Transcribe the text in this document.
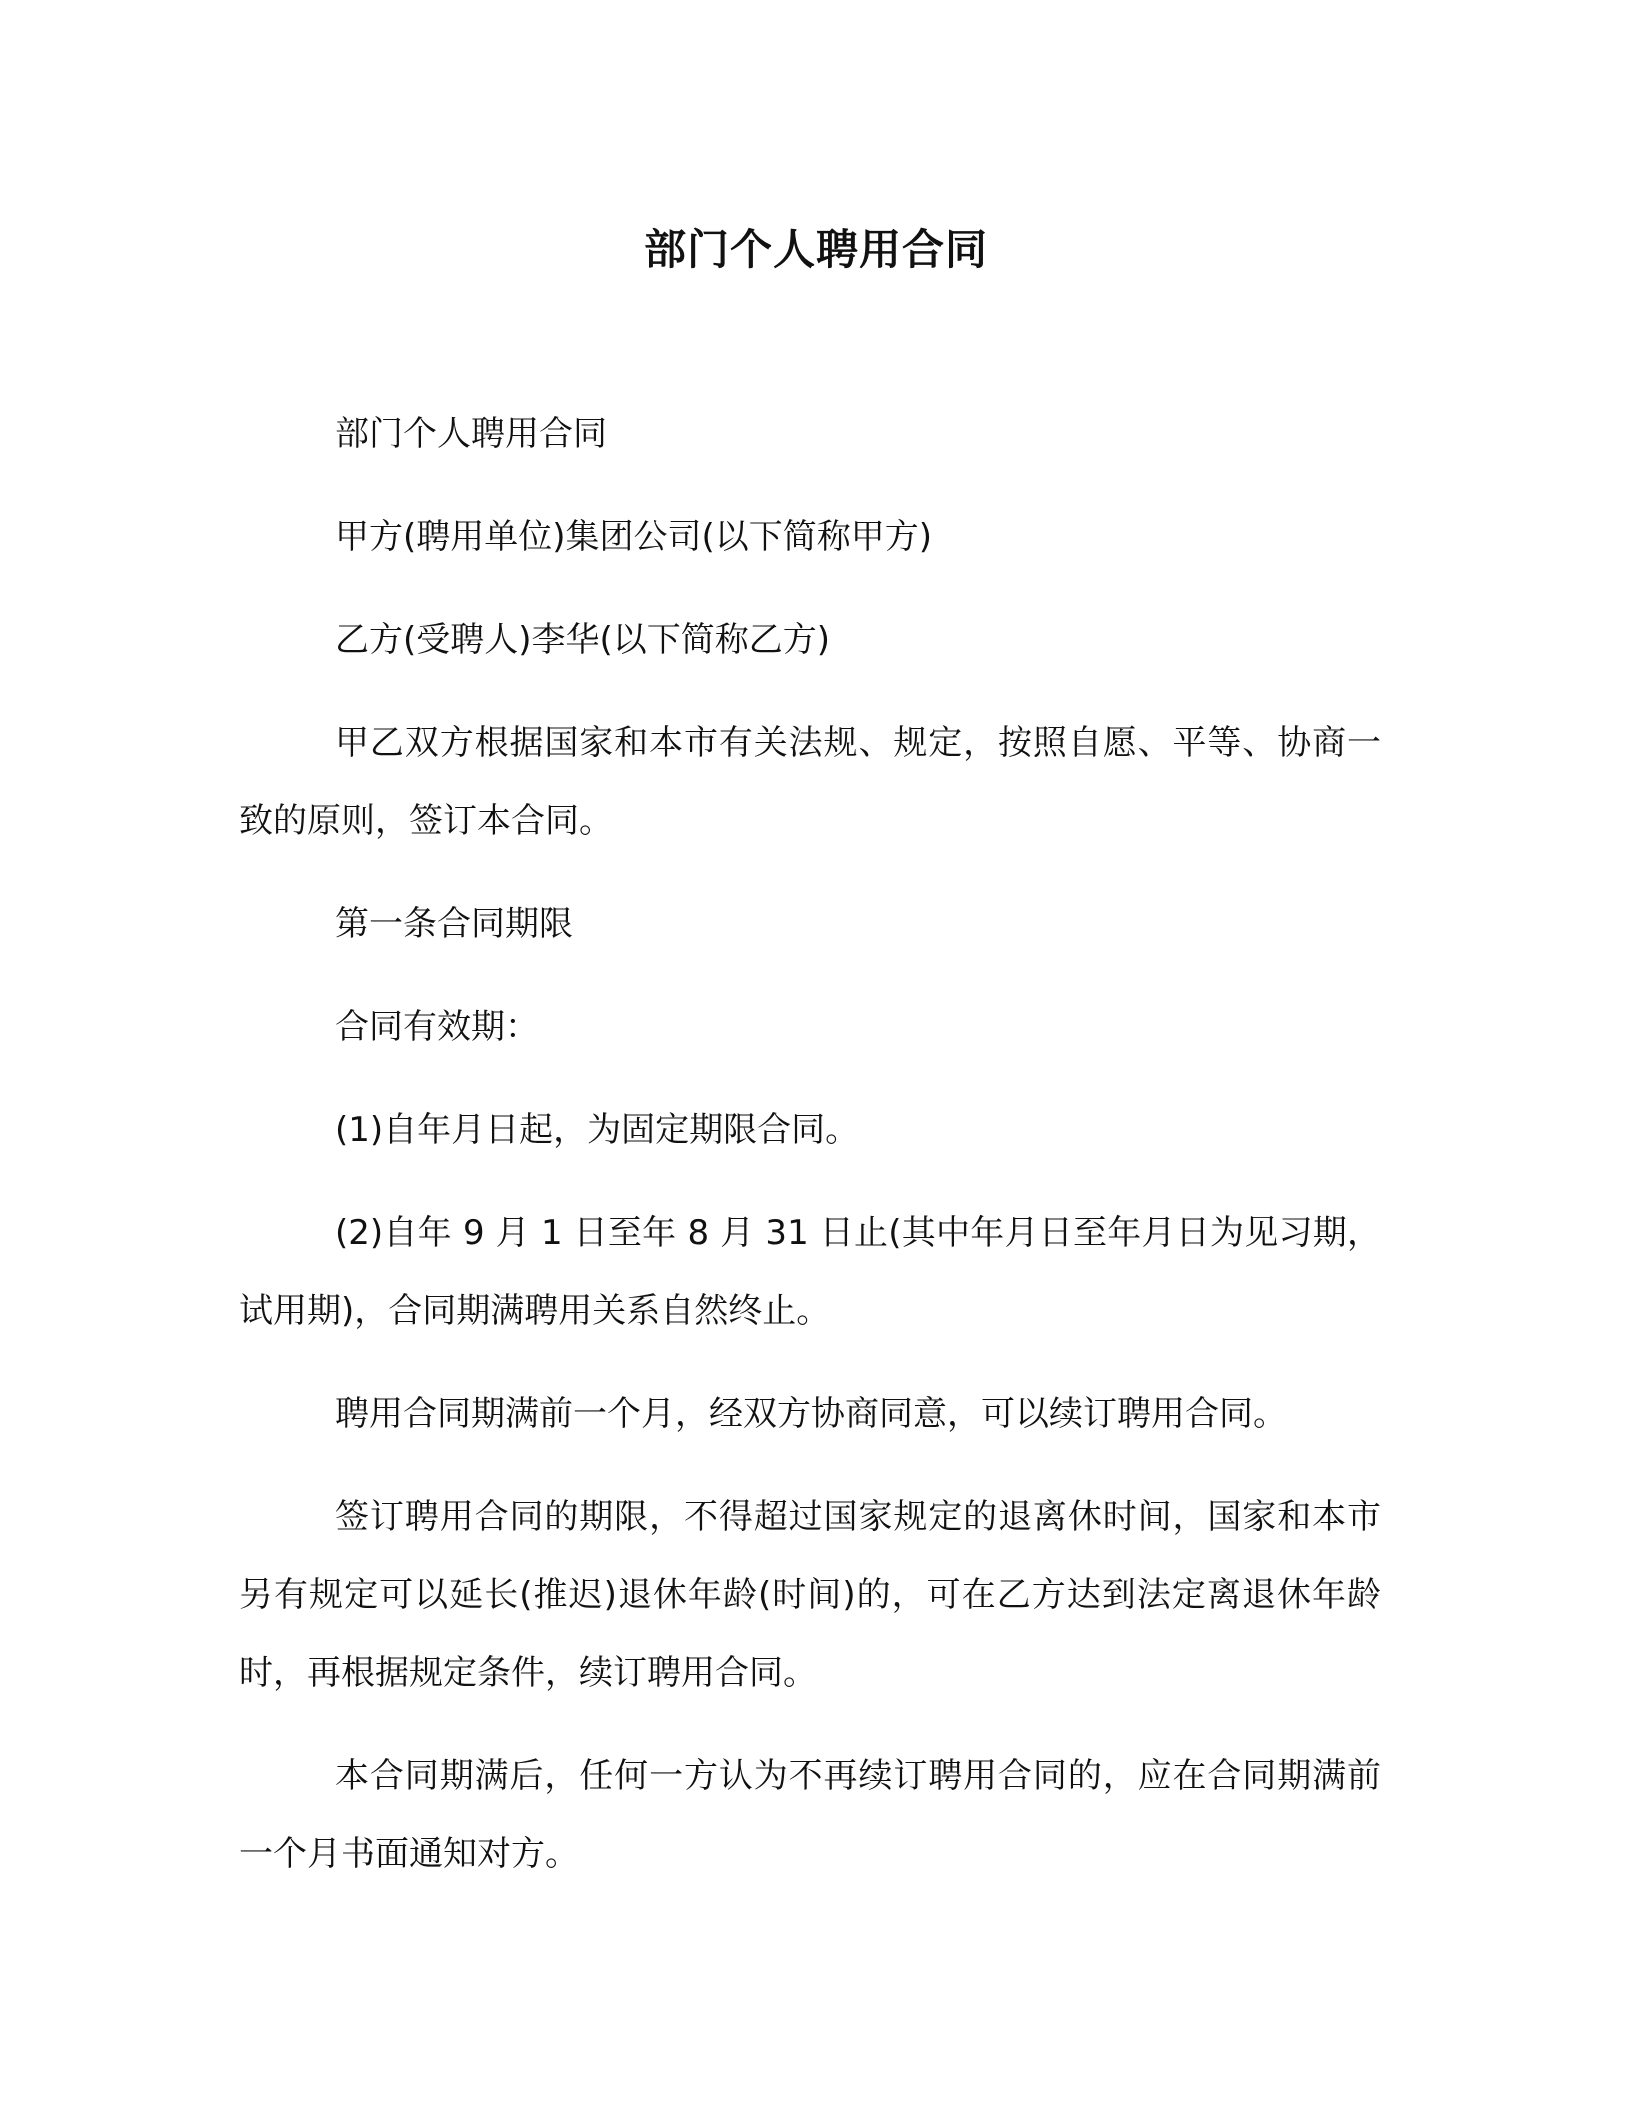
部门个人聘用合同

部门个人聘用合同

甲方(聘用单位)集团公司(以下简称甲方)

乙方(受聘人)李华(以下简称乙方)

甲乙双方根据国家和本市有关法规、规定，按照自愿、平等、协商一致的原则，签订本合同。

第一条合同期限

合同有效期：

(1)自年月日起，为固定期限合同。

(2)自年 9 月 1 日至年 8 月 31 日止(其中年月日至年月日为见习期，试用期)，合同期满聘用关系自然终止。

聘用合同期满前一个月，经双方协商同意，可以续订聘用合同。

签订聘用合同的期限，不得超过国家规定的退离休时间，国家和本市另有规定可以延长(推迟)退休年龄(时间)的，可在乙方达到法定离退休年龄时，再根据规定条件，续订聘用合同。

本合同期满后，任何一方认为不再续订聘用合同的，应在合同期满前一个月书面通知对方。
